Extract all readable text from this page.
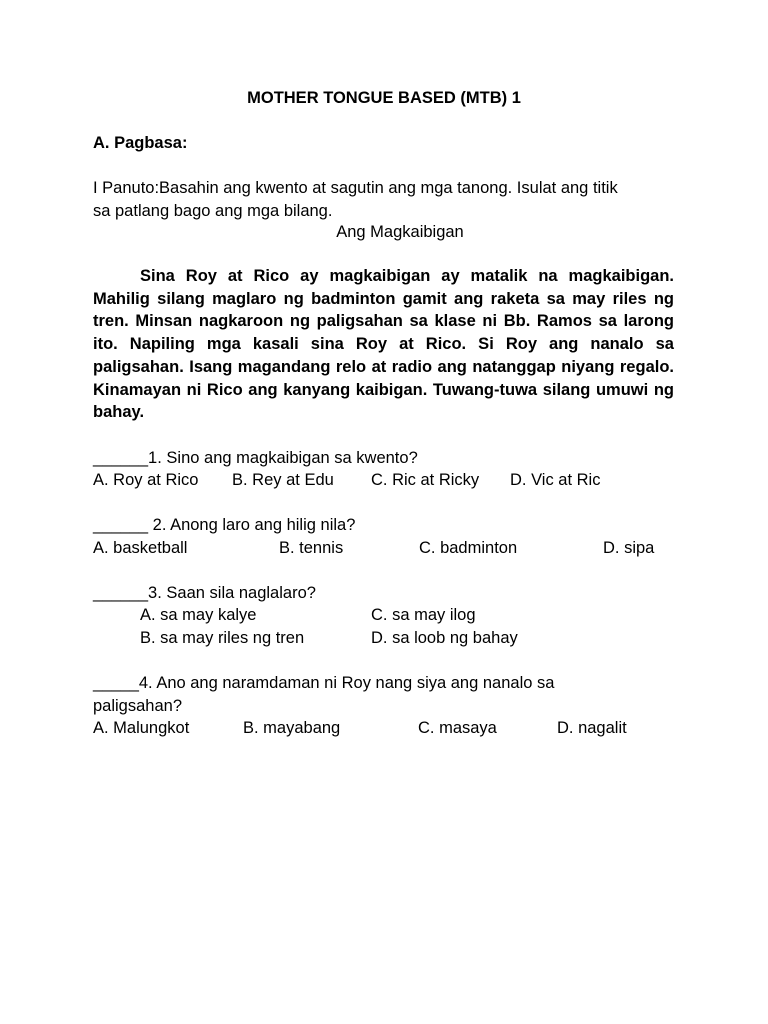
MOTHER TONGUE BASED (MTB) 1
A. Pagbasa:
I Panuto:Basahin ang kwento at sagutin ang mga tanong. Isulat ang titik
sa patlang bago ang mga bilang.
Ang Magkaibigan
Sina Roy at Rico ay magkaibigan ay matalik na magkaibigan. Mahilig silang maglaro ng badminton gamit ang raketa sa may riles ng tren. Minsan nagkaroon ng paligsahan sa klase ni Bb. Ramos sa larong ito. Napiling mga kasali sina Roy at Rico. Si Roy ang nanalo sa paligsahan. Isang magandang relo at radio ang natanggap niyang regalo. Kinamayan ni Rico ang kanyang kaibigan. Tuwang-tuwa silang umuwi ng bahay.
______1. Sino ang magkaibigan sa kwento?
A. Roy at Rico B. Rey at Edu C. Ric at Ricky D. Vic at Ric
______ 2. Anong laro ang hilig nila?
A. basketball	B. tennis	C. badminton	D. sipa
______3. Saan sila naglalaro?
A. sa may kalye	C. sa may ilog
B. sa may riles ng tren	D. sa loob ng bahay
_____4. Ano ang naramdaman ni Roy nang siya ang nanalo sa
paligsahan?
A. Malungkot	B. mayabang	C. masaya	D. nagalit
